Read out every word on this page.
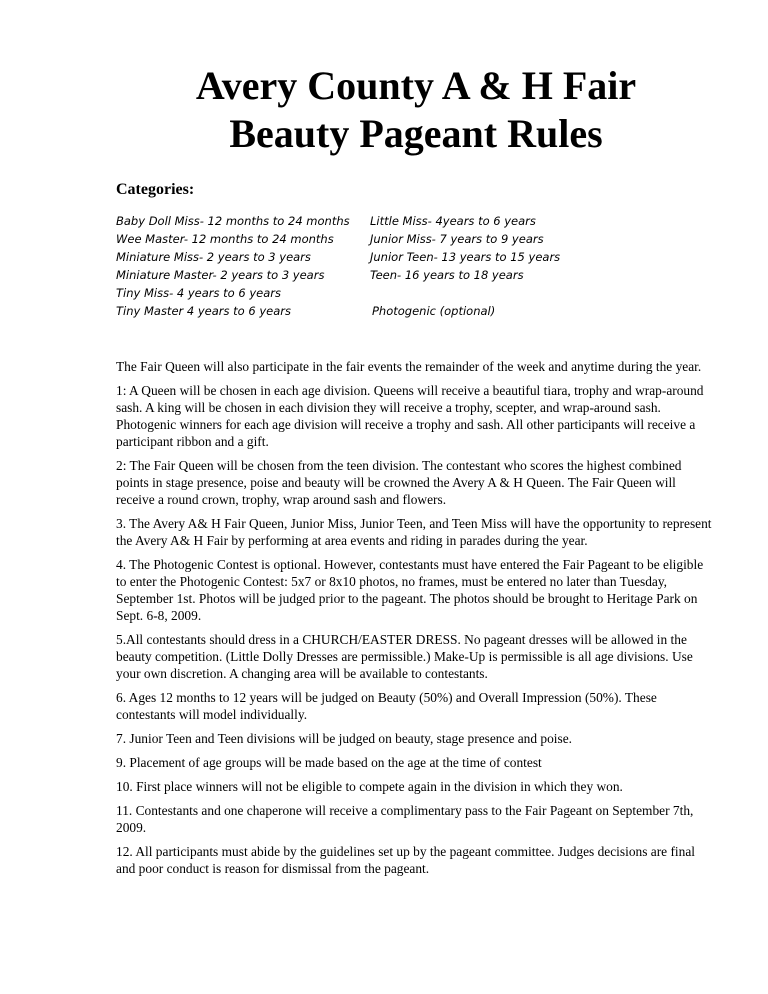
Avery County A & H Fair
Beauty Pageant Rules
Categories:
Baby Doll Miss- 12 months to 24 months
Wee Master- 12 months to 24 months
Miniature Miss- 2 years to 3 years
Miniature Master- 2 years to 3 years
Tiny Miss- 4 years to 6 years
Tiny Master 4 years to 6 years
Little Miss- 4years to 6 years
Junior Miss- 7 years to 9 years
Junior Teen- 13 years to 15 years
Teen- 16 years to 18 years
Photogenic (optional)

The Fair Queen will also participate in the fair events the remainder of the week and anytime during the year.

1: A Queen will be chosen in each age division. Queens will receive a beautiful tiara, trophy and wrap-around sash. A king will be chosen in each division they will receive a trophy, scepter, and wrap-around sash. Photogenic winners for each age division will receive a trophy and sash. All other participants will receive a participant ribbon and a gift.

2: The Fair Queen will be chosen from the teen division. The contestant who scores the highest combined points in stage presence, poise and beauty will be crowned the Avery A & H Queen. The Fair Queen will receive a round crown, trophy, wrap around sash and flowers.

3. The Avery A& H Fair Queen, Junior Miss, Junior Teen, and Teen Miss will have the opportunity to represent the Avery A& H Fair by performing at area events and riding in parades during the year.

4. The Photogenic Contest is optional. However, contestants must have entered the Fair Pageant to be eligible to enter the Photogenic Contest: 5x7 or 8x10 photos, no frames, must be entered no later than Tuesday, September 1st. Photos will be judged prior to the pageant. The photos should be brought to Heritage Park on Sept. 6-8, 2009.

5.All contestants should dress in a CHURCH/EASTER DRESS. No pageant dresses will be allowed in the beauty competition. (Little Dolly Dresses are permissible.) Make-Up is permissible is all age divisions. Use your own discretion. A changing area will be available to contestants.

6. Ages 12 months to 12 years will be judged on Beauty (50%) and Overall Impression (50%). These contestants will model individually.

7. Junior Teen and Teen divisions will be judged on beauty, stage presence and poise.

9. Placement of age groups will be made based on the age at the time of contest

10. First place winners will not be eligible to compete again in the division in which they won.

11. Contestants and one chaperone will receive a complimentary pass to the Fair Pageant on September 7th, 2009.

12. All participants must abide by the guidelines set up by the pageant committee. Judges decisions are final and poor conduct is reason for dismissal from the pageant.
